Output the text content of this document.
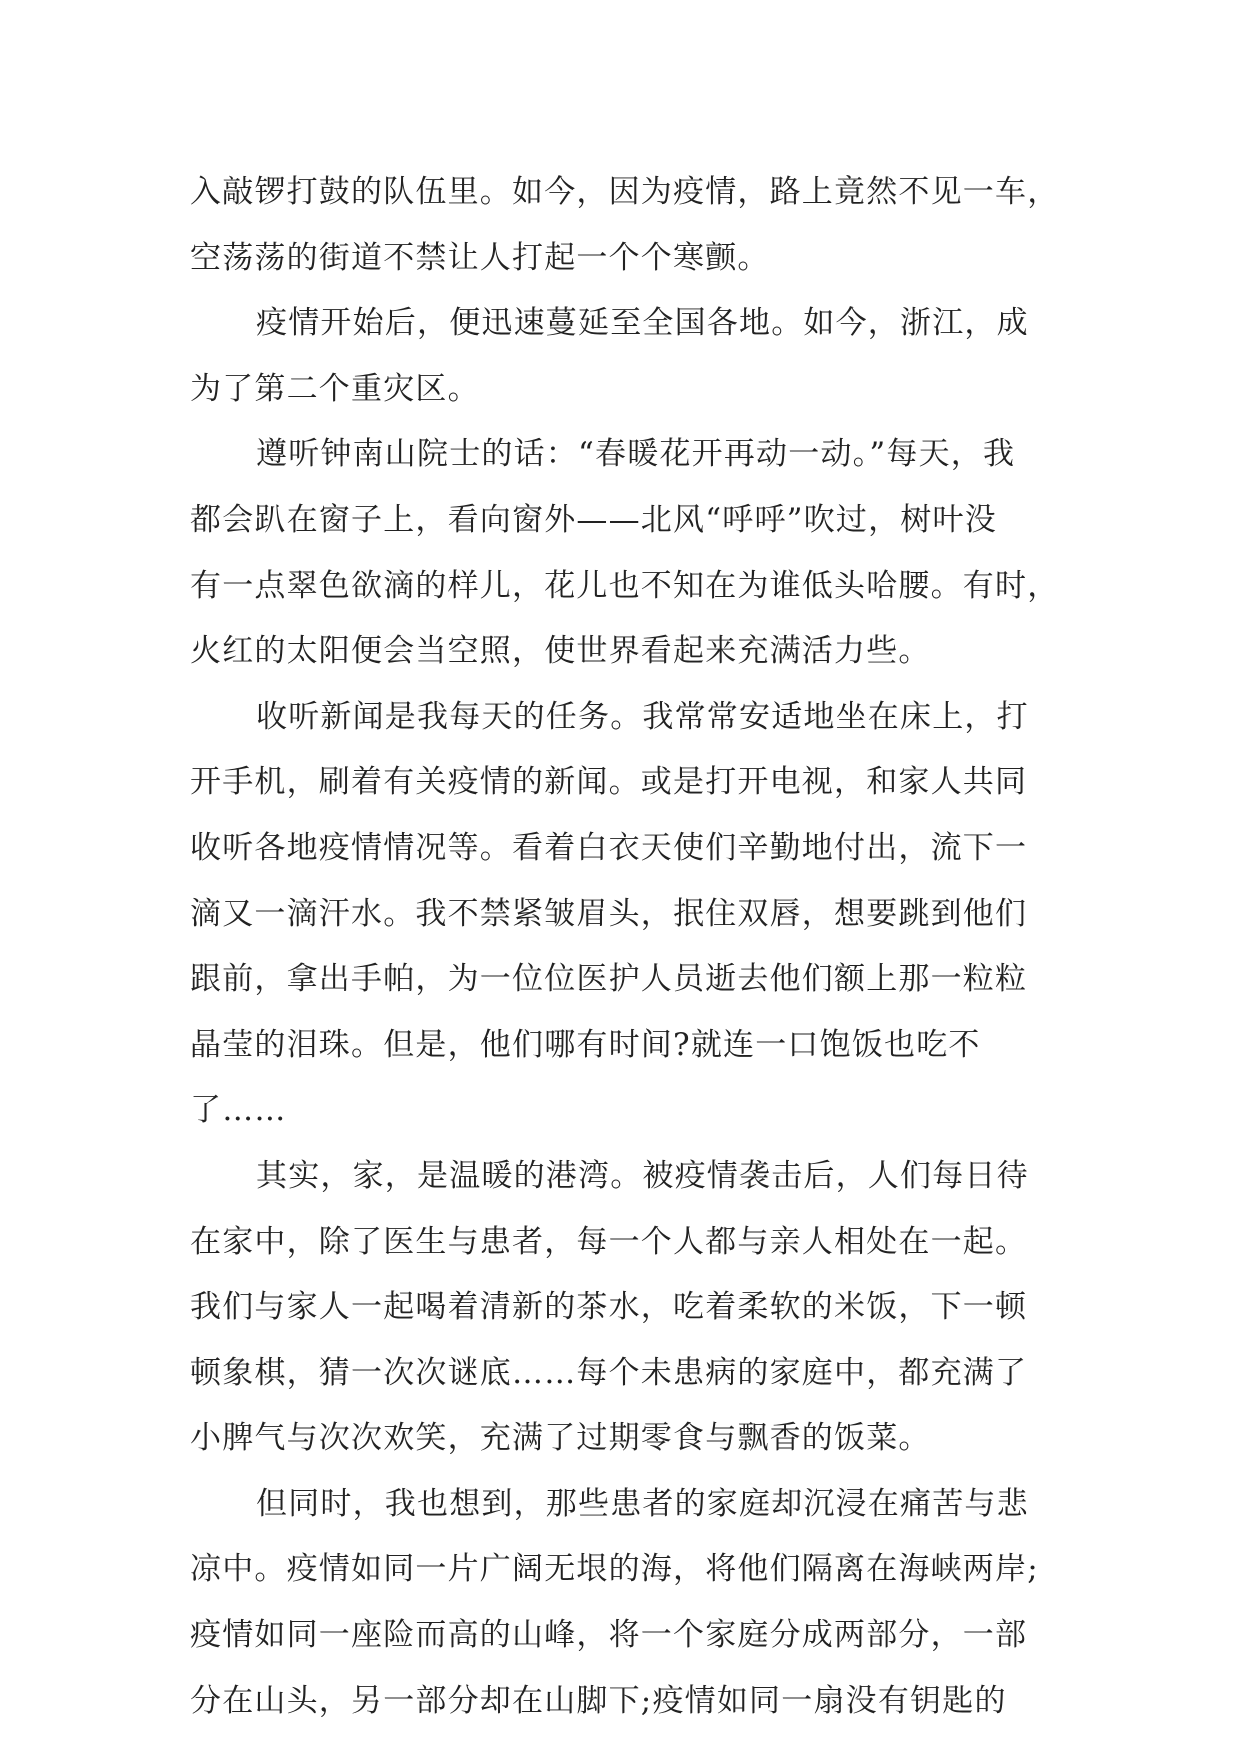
入敲锣打鼓的队伍里。如今，因为疫情，路上竟然不见一车，
空荡荡的街道不禁让人打起一个个寒颤。
疫情开始后，便迅速蔓延至全国各地。如今，浙江，成
为了第二个重灾区。
遵听钟南山院士的话：“春暖花开再动一动。”每天，我
都会趴在窗子上，看向窗外——北风“呼呼”吹过，树叶没
有一点翠色欲滴的样儿，花儿也不知在为谁低头哈腰。有时，
火红的太阳便会当空照，使世界看起来充满活力些。
收听新闻是我每天的任务。我常常安适地坐在床上，打
开手机，刷着有关疫情的新闻。或是打开电视，和家人共同
收听各地疫情情况等。看着白衣天使们辛勤地付出，流下一
滴又一滴汗水。我不禁紧皱眉头，抿住双唇，想要跳到他们
跟前，拿出手帕，为一位位医护人员逝去他们额上那一粒粒
晶莹的泪珠。但是，他们哪有时间?就连一口饱饭也吃不
了……
其实，家，是温暖的港湾。被疫情袭击后，人们每日待
在家中，除了医生与患者，每一个人都与亲人相处在一起。
我们与家人一起喝着清新的茶水，吃着柔软的米饭，下一顿
顿象棋，猜一次次谜底……每个未患病的家庭中，都充满了
小脾气与次次欢笑，充满了过期零食与飘香的饭菜。
但同时，我也想到，那些患者的家庭却沉浸在痛苦与悲
凉中。疫情如同一片广阔无垠的海，将他们隔离在海峡两岸;
疫情如同一座险而高的山峰，将一个家庭分成两部分，一部
分在山头，另一部分却在山脚下;疫情如同一扇没有钥匙的
